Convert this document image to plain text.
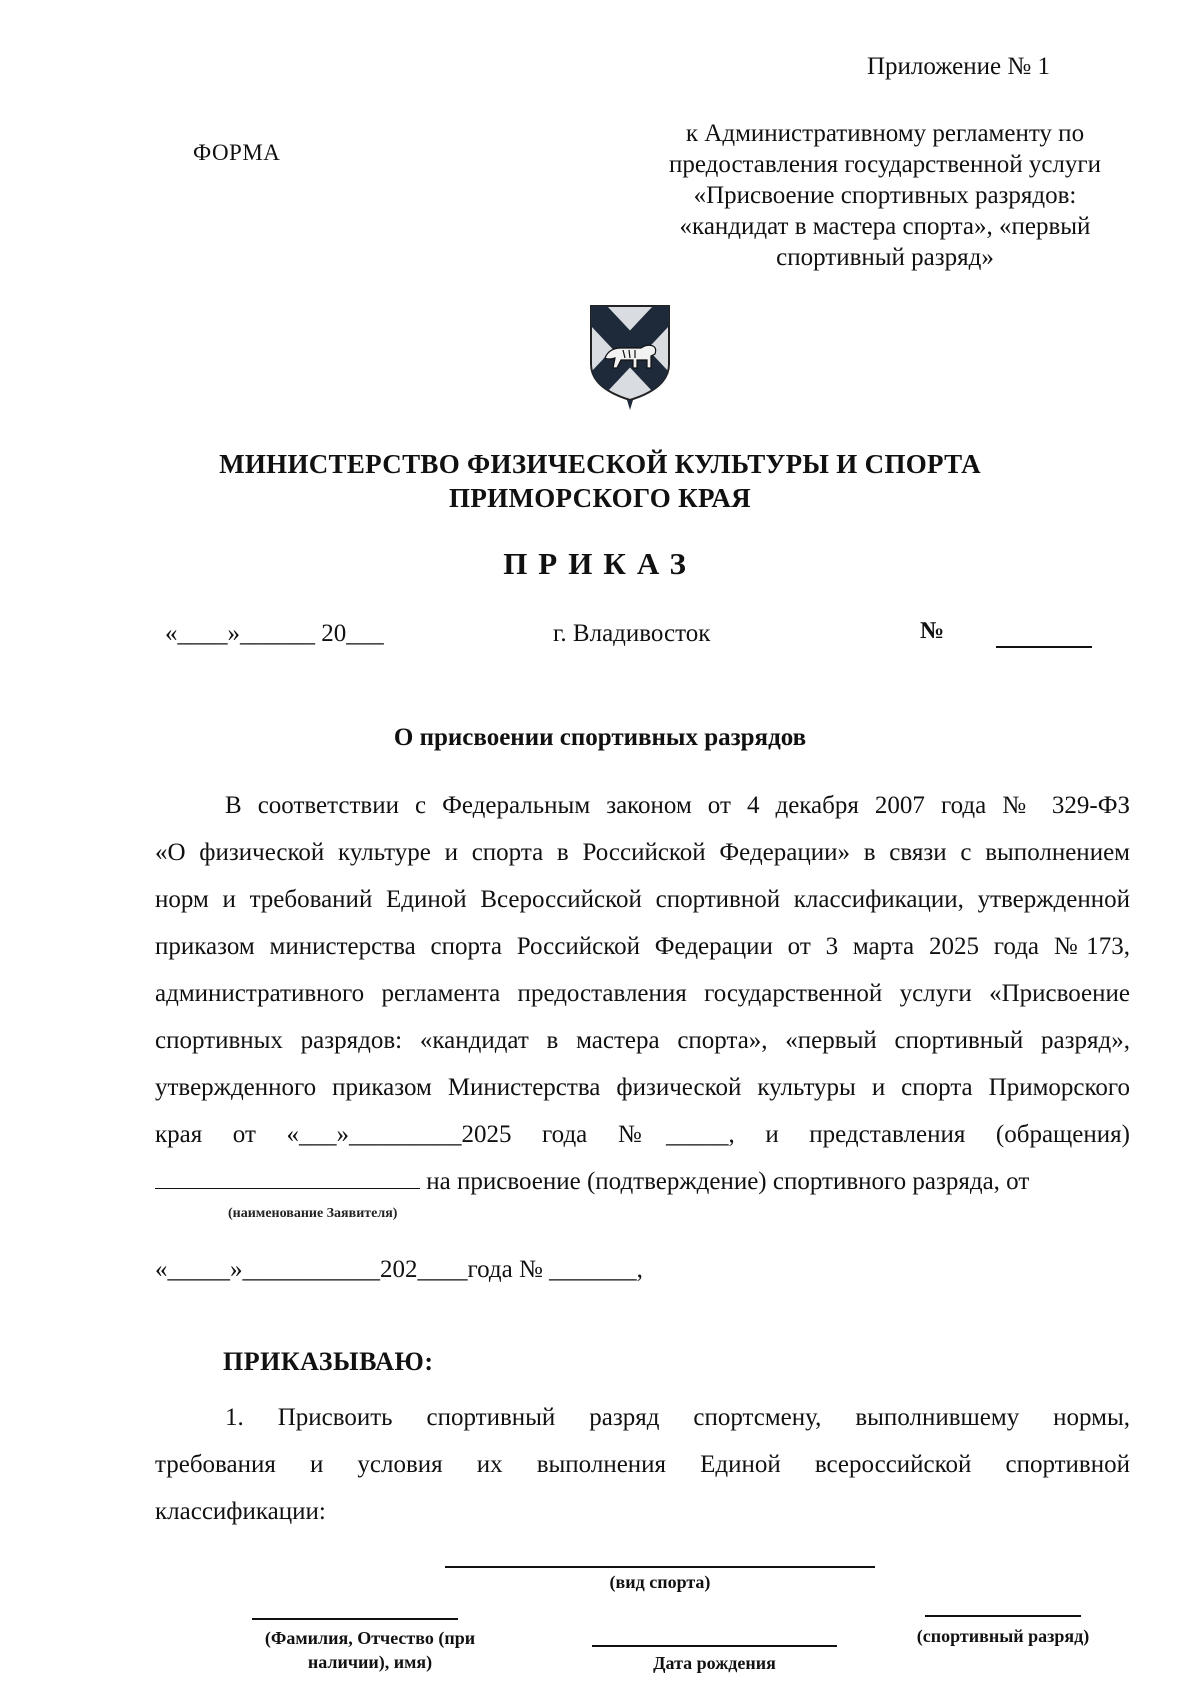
Приложение № 1
ФОРМА
к Административному регламенту по
предоставления государственной услуги
«Присвоение спортивных разрядов:
«кандидат в мастера спорта», «первый
спортивный разряд»
МИНИСТЕРСТВО ФИЗИЧЕСКОЙ КУЛЬТУРЫ И СПОРТА
ПРИМОРСКОГО КРАЯ
ПРИКАЗ
«____»______ 20___	г. Владивосток	№
О присвоении спортивных разрядов
В соответствии с Федеральным законом от 4 декабря 2007 года № 329-ФЗ
«О физической культуре и спорта в Российской Федерации» в связи с выполнением
норм и требований Единой Всероссийской спортивной классификации, утвержденной
приказом министерства спорта Российской Федерации от 3 марта 2025 года №173,
административного регламента предоставления государственной услуги «Присвоение
спортивных разрядов: «кандидат в мастера спорта», «первый спортивный разряд»,
утвержденного приказом Министерства физической культуры и спорта Приморского
края от «___»_________2025 года №_____, и представления (обращения)
на присвоение (подтверждение) спортивного разряда, от
(наименование Заявителя)
«_____»___________202____года № _______,
ПРИКАЗЫВАЮ:
1. Присвоить спортивный разряд спортсмену, выполнившему нормы,
требования и условия их выполнения Единой всероссийской спортивной
классификации:
(вид спорта)
(Фамилия, Отчество (при наличии), имя)	Дата рождения
(спортивный разряд)
